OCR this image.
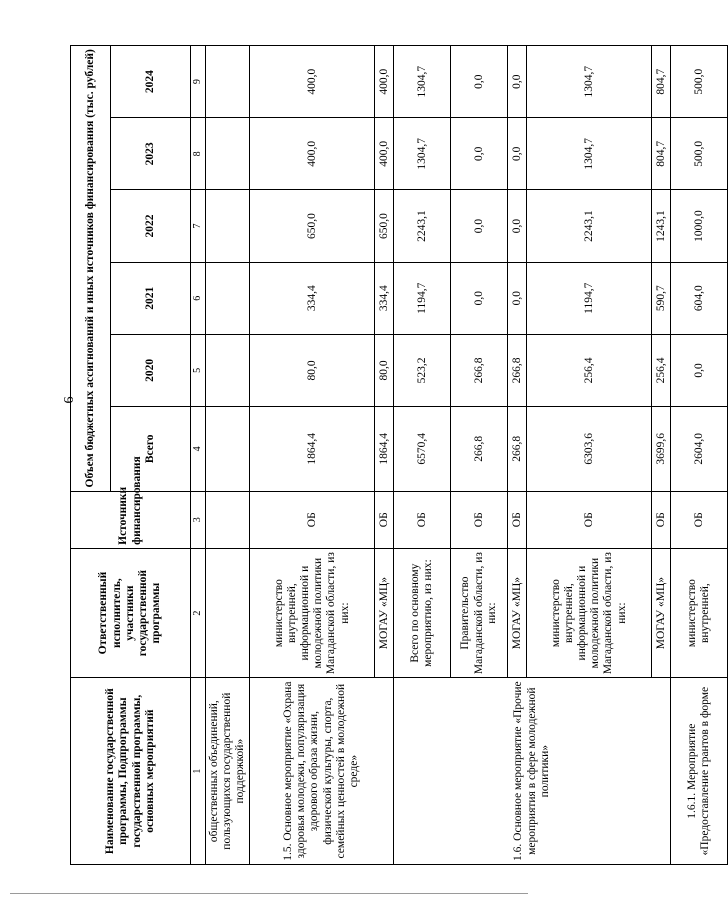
6
Наименование государственной программы, Подпрограммы государственной программы, основных мероприятий	Ответственный исполнитель, участники государственной программы	Источники финансирования	Объем бюджетных ассигнований и иных источников финансирования (тыс. рублей)					
			Всего	2020	2021	2022	2023	2024
1	2	3	4	5	6	7	8	9
общественных объединений, пользующихся государственной поддержкой»								
1.5. Основное мероприятие «Охрана здоровья молодежи, популяризация здорового образа жизни, физической культуры, спорта, семейных ценностей в молодежной среде»	министерство внутренней, информационной и молодежной политики Магаданской области, из них:	ОБ	1864,4	80,0	334,4	650,0	400,0	400,0
	МОГАУ «МЦ»	ОБ	1864,4	80,0	334,4	650,0	400,0	400,0
1.6. Основное мероприятие «Прочие мероприятия в сфере молодежной политики»	Всего по основному мероприятию, из них:	ОБ	6570,4	523,2	1194,7	2243,1	1304,7	1304,7
	Правительство Магаданской области, из них:	ОБ	266,8	266,8	0,0	0,0	0,0	0,0
	МОГАУ «МЦ»	ОБ	266,8	266,8	0,0	0,0	0,0	0,0
	министерство внутренней, информационной и молодежной политики Магаданской области, из них:	ОБ	6303,6	256,4	1194,7	2243,1	1304,7	1304,7
	МОГАУ «МЦ»	ОБ	3699,6	256,4	590,7	1243,1	804,7	804,7
1.6.1. Мероприятие «Предоставление грантов в форме	министерство внутренней,	ОБ	2604,0	0,0	604,0	1000,0	500,0	500,0
